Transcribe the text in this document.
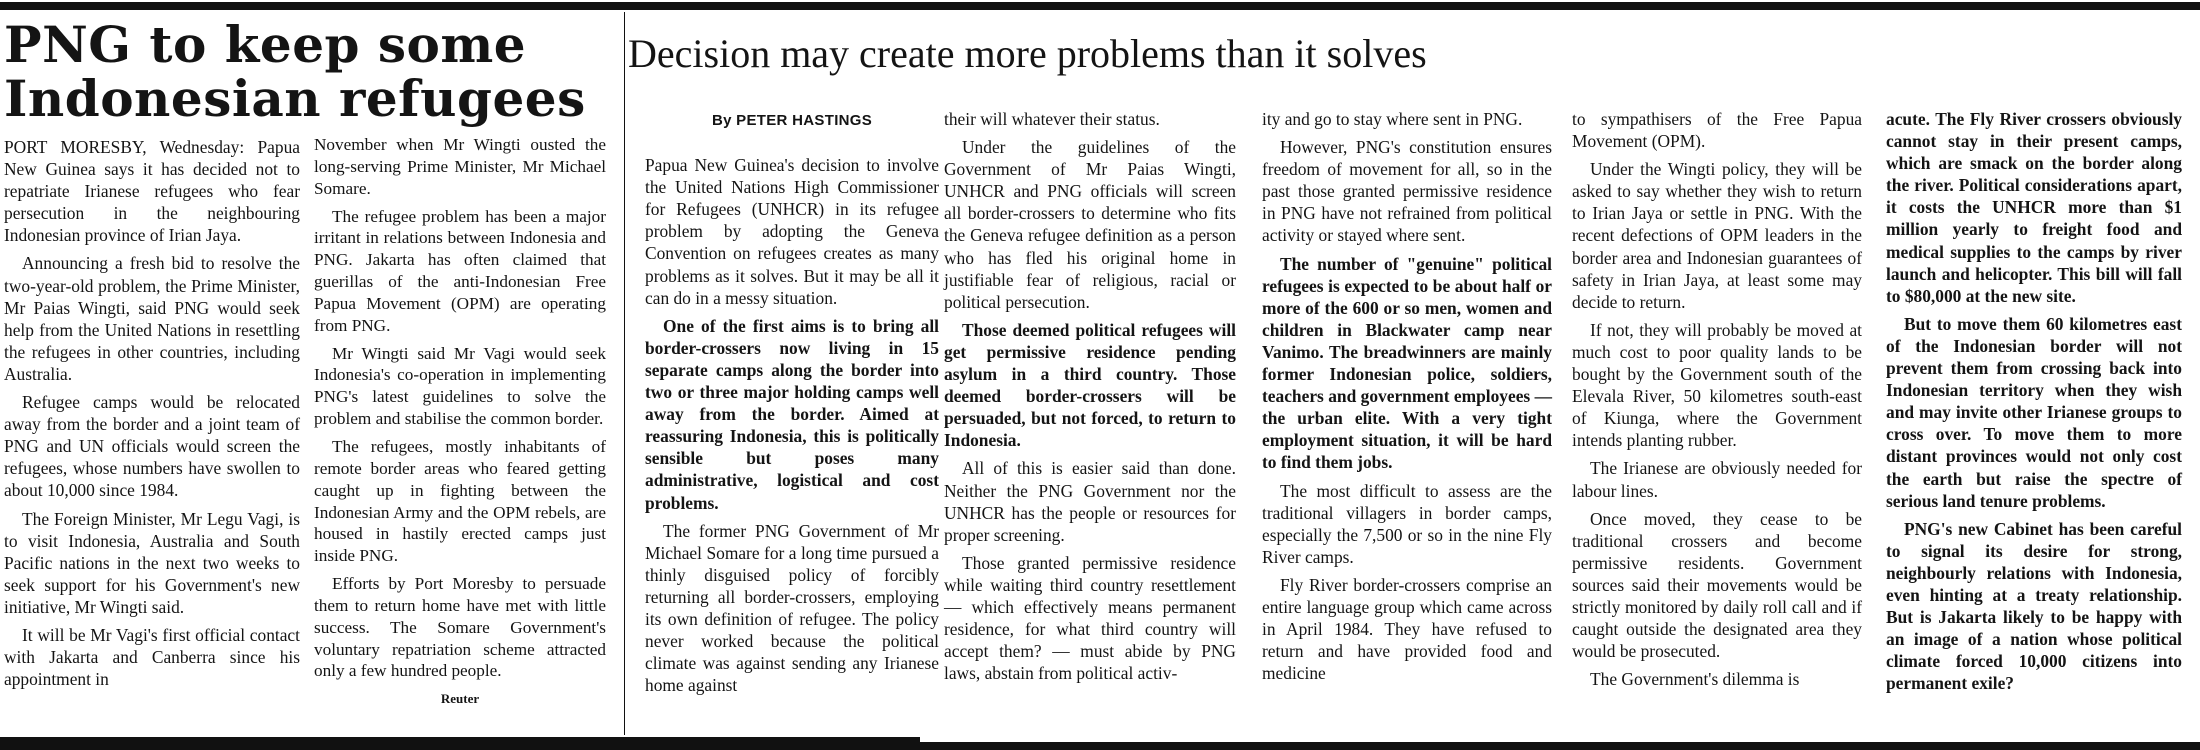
PNG to keep some
Indonesian refugees

PORT MORESBY, Wednesday: Papua New Guinea says it has decided not to repatriate Irianese refugees who fear persecution in the neighbouring Indonesian province of Irian Jaya.

Announcing a fresh bid to resolve the two-year-old problem, the Prime Minister, Mr Paias Wingti, said PNG would seek help from the United Nations in resettling the refugees in other countries, including Australia.

Refugee camps would be relocated away from the border and a joint team of PNG and UN officials would screen the refugees, whose numbers have swollen to about 10,000 since 1984.

The Foreign Minister, Mr Legu Vagi, is to visit Indonesia, Australia and South Pacific nations in the next two weeks to seek support for his Government's new initiative, Mr Wingti said.

It will be Mr Vagi's first official contact with Jakarta and Canberra since his appointment in

November when Mr Wingti ousted the long-serving Prime Minister, Mr Michael Somare.

The refugee problem has been a major irritant in relations between Indonesia and PNG. Jakarta has often claimed that guerillas of the anti-Indonesian Free Papua Movement (OPM) are operating from PNG.

Mr Wingti said Mr Vagi would seek Indonesia's co-operation in implementing PNG's latest guidelines to solve the problem and stabilise the common border.

The refugees, mostly inhabitants of remote border areas who feared getting caught up in fighting between the Indonesian Army and the OPM rebels, are housed in hastily erected camps just inside PNG.

Efforts by Port Moresby to persuade them to return home have met with little success. The Somare Government's voluntary repatriation scheme attracted only a few hundred people.

Reuter
Decision may create more problems than it solves
By PETER HASTINGS

Papua New Guinea's decision to involve the United Nations High Commissioner for Refugees (UNHCR) in its refugee problem by adopting the Geneva Convention on refugees creates as many problems as it solves. But it may be all it can do in a messy situation.

One of the first aims is to bring all border-crossers now living in 15 separate camps along the border into two or three major holding camps well away from the border. Aimed at reassuring Indonesia, this is politically sensible but poses many administrative, logistical and cost problems.

The former PNG Government of Mr Michael Somare for a long time pursued a thinly disguised policy of forcibly returning all border-crossers, employing its own definition of refugee. The policy never worked because the political climate was against sending any Irianese home against

their will whatever their status.

Under the guidelines of the Government of Mr Paias Wingti, UNHCR and PNG officials will screen all border-crossers to determine who fits the Geneva refugee definition as a person who has fled his original home in justifiable fear of religious, racial or political persecution.

Those deemed political refugees will get permissive residence pending asylum in a third country. Those deemed border-crossers will be persuaded, but not forced, to return to Indonesia.

All of this is easier said than done. Neither the PNG Government nor the UNHCR has the people or resources for proper screening.

Those granted permissive residence while waiting third country resettlement — which effectively means permanent residence, for what third country will accept them? — must abide by PNG laws, abstain from political activ-

ity and go to stay where sent in PNG.

However, PNG's constitution ensures freedom of movement for all, so in the past those granted permissive residence in PNG have not refrained from political activity or stayed where sent.

The number of "genuine" political refugees is expected to be about half or more of the 600 or so men, women and children in Blackwater camp near Vanimo. The breadwinners are mainly former Indonesian police, soldiers, teachers and government employees — the urban elite. With a very tight employment situation, it will be hard to find them jobs.

The most difficult to assess are the traditional villagers in border camps, especially the 7,500 or so in the nine Fly River camps.

Fly River border-crossers comprise an entire language group which came across in April 1984. They have refused to return and have provided food and medicine

to sympathisers of the Free Papua Movement (OPM).

Under the Wingti policy, they will be asked to say whether they wish to return to Irian Jaya or settle in PNG. With the recent defections of OPM leaders in the border area and Indonesian guarantees of safety in Irian Jaya, at least some may decide to return.

If not, they will probably be moved at much cost to poor quality lands to be bought by the Government south of the Elevala River, 50 kilometres south-east of Kiunga, where the Government intends planting rubber.

The Irianese are obviously needed for labour lines.

Once moved, they cease to be traditional crossers and become permissive residents. Government sources said their movements would be strictly monitored by daily roll call and if caught outside the designated area they would be prosecuted.

The Government's dilemma is

acute. The Fly River crossers obviously cannot stay in their present camps, which are smack on the border along the river. Political considerations apart, it costs the UNHCR more than $1 million yearly to freight food and medical supplies to the camps by river launch and helicopter. This bill will fall to $80,000 at the new site.

But to move them 60 kilometres east of the Indonesian border will not prevent them from crossing back into Indonesian territory when they wish and may invite other Irianese groups to cross over. To move them to more distant provinces would not only cost the earth but raise the spectre of serious land tenure problems.

PNG's new Cabinet has been careful to signal its desire for strong, neighbourly relations with Indonesia, even hinting at a treaty relationship. But is Jakarta likely to be happy with an image of a nation whose political climate forced 10,000 citizens into permanent exile?
